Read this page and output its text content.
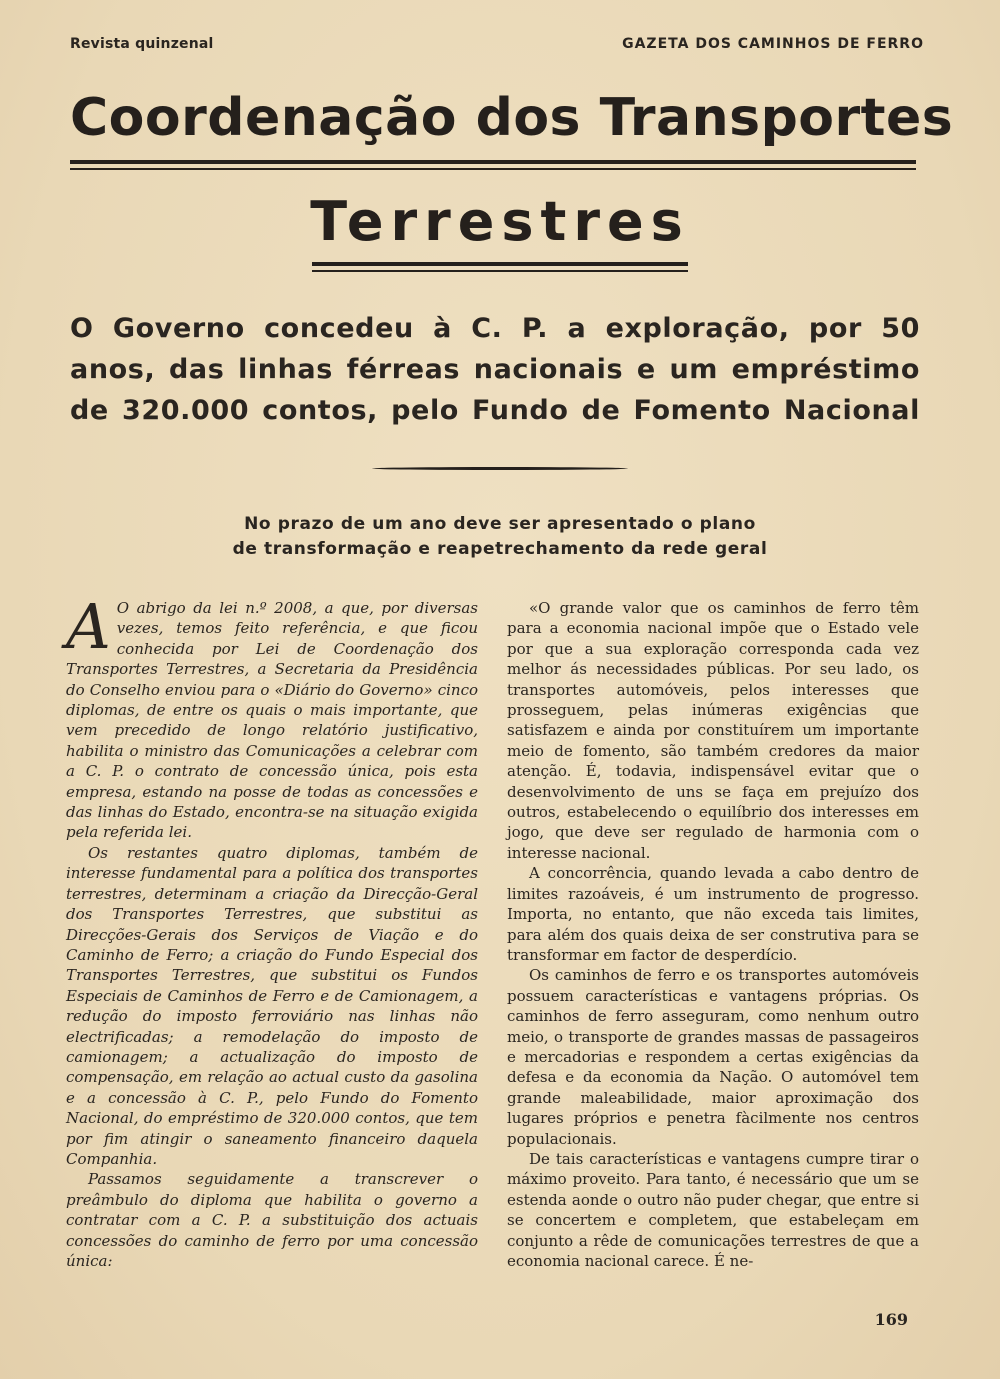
Revista quinzenal	GAZETA DOS CAMINHOS DE FERRO
Coordenação dos Transportes
Terrestres
O Governo concedeu à C. P. a exploração, por 50 anos, das linhas férreas nacionais e um empréstimo de 320.000 contos, pelo Fundo de Fomento Nacional
No prazo de um ano deve ser apresentado o plano
de transformação e reapetrechamento da rede geral

A O abrigo da lei n.º 2008, a que, por diversas vezes, temos feito referência, e que ficou conhecida por Lei de Coordenação dos Transportes Terrestres, a Secretaria da Presidência do Conselho enviou para o «Diário do Governo» cinco diplomas, de entre os quais o mais importante, que vem precedido de longo relatório justificativo, habilita o ministro das Comunicações a celebrar com a C. P. o contrato de concessão única, pois esta empresa, estando na posse de todas as concessões e das linhas do Estado, encontra-se na situação exigida pela referida lei.

Os restantes quatro diplomas, também de interesse fundamental para a política dos transportes terrestres, determinam a criação da Direcção-Geral dos Transportes Terrestres, que substitui as Direcções-Gerais dos Serviços de Viação e do Caminho de Ferro; a criação do Fundo Especial dos Transportes Terrestres, que substitui os Fundos Especiais de Caminhos de Ferro e de Camionagem, a redução do imposto ferroviário nas linhas não electrificadas; a remodelação do imposto de camionagem; a actualização do imposto de compensação, em relação ao actual custo da gasolina e a concessão à C. P., pelo Fundo do Fomento Nacional, do empréstimo de 320.000 contos, que tem por fim atingir o saneamento financeiro daquela Companhia.

Passamos seguidamente a transcrever o preâmbulo do diploma que habilita o governo a contratar com a C. P. a substituição dos actuais concessões do caminho de ferro por uma concessão única:

«O grande valor que os caminhos de ferro têm para a economia nacional impõe que o Estado vele por que a sua exploração corresponda cada vez melhor ás necessidades públicas. Por seu lado, os transportes automóveis, pelos interesses que prosseguem, pelas inúmeras exigências que satisfazem e ainda por constituírem um importante meio de fomento, são também credores da maior atenção. É, todavia, indispensável evitar que o desenvolvimento de uns se faça em prejuízo dos outros, estabelecendo o equilíbrio dos interesses em jogo, que deve ser regulado de harmonia com o interesse nacional.

A concorrência, quando levada a cabo dentro de limites razoáveis, é um instrumento de progresso. Importa, no entanto, que não exceda tais limites, para além dos quais deixa de ser construtiva para se transformar em factor de desperdício.

Os caminhos de ferro e os transportes automóveis possuem características e vantagens próprias. Os caminhos de ferro asseguram, como nenhum outro meio, o transporte de grandes massas de passageiros e mercadorias e respondem a certas exigências da defesa e da economia da Nação. O automóvel tem grande maleabilidade, maior aproximação dos lugares próprios e penetra fàcilmente nos centros populacionais.

De tais características e vantagens cumpre tirar o máximo proveito. Para tanto, é necessário que um se estenda aonde o outro não puder chegar, que entre si se concertem e completem, que estabeleçam em conjunto a rêde de comunicações terrestres de que a economia nacional carece. É ne-

169
